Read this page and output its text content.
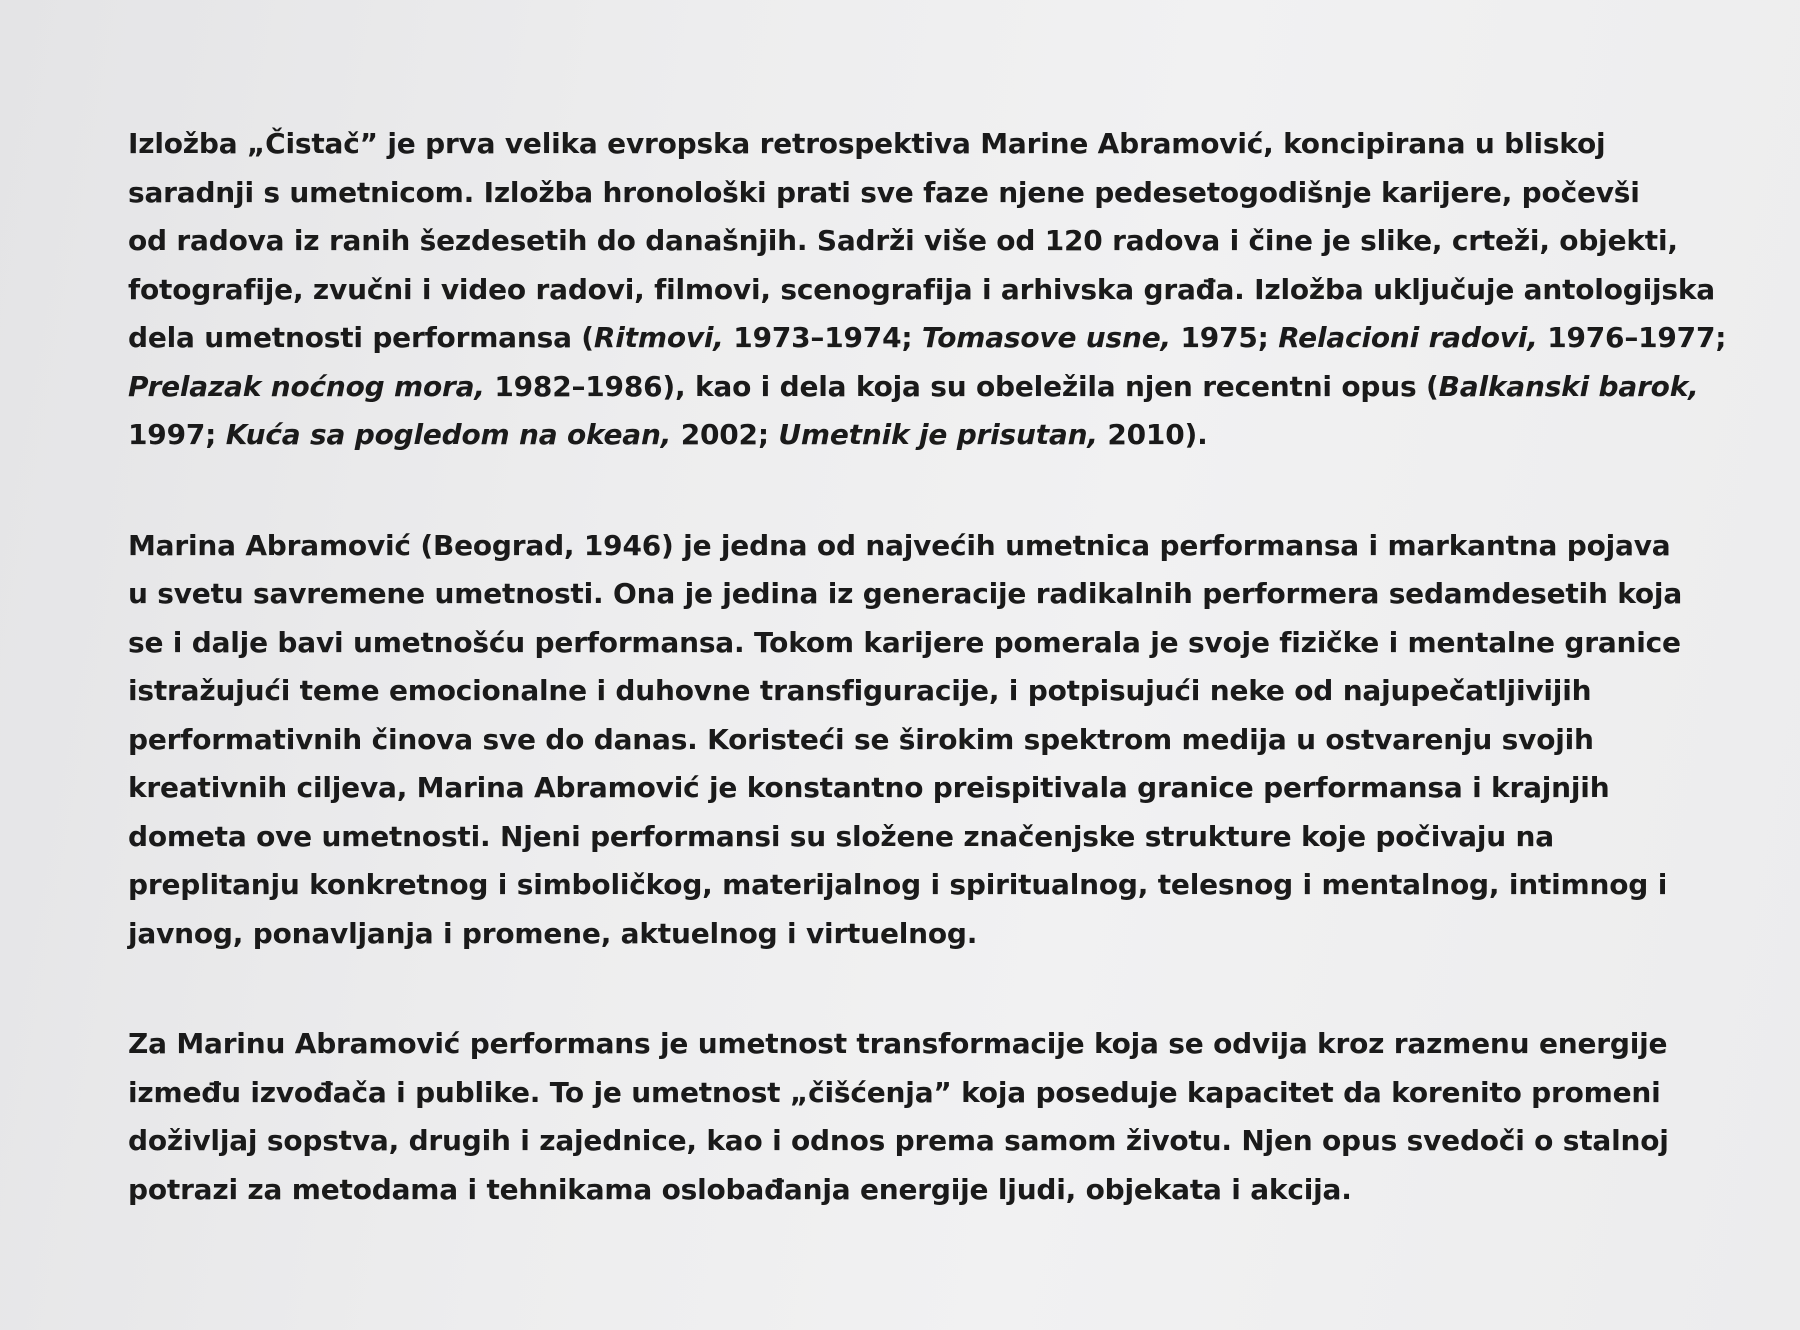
Izložba „Čistač” je prva velika evropska retrospektiva Marine Abramović, koncipirana u bliskoj
saradnji s umetnicom. Izložba hronološki prati sve faze njene pedesetogodišnje karijere, počevši
od radova iz ranih šezdesetih do današnjih. Sadrži više od 120 radova i čine je slike, crteži, objekti,
fotografije, zvučni i video radovi, filmovi, scenografija i arhivska građa. Izložba uključuje antologijska
dela umetnosti performansa (Ritmovi, 1973–1974; Tomasove usne, 1975; Relacioni radovi, 1976–1977;
Prelazak noćnog mora, 1982–1986), kao i dela koja su obeležila njen recentni opus (Balkanski barok,
1997; Kuća sa pogledom na okean, 2002; Umetnik je prisutan, 2010).
Marina Abramović (Beograd, 1946) je jedna od najvećih umetnica performansa i markantna pojava
u svetu savremene umetnosti. Ona je jedina iz generacije radikalnih performera sedamdesetih koja
se i dalje bavi umetnošću performansa. Tokom karijere pomerala je svoje fizičke i mentalne granice
istražujući teme emocionalne i duhovne transfiguracije, i potpisujući neke od najupečatljivijih
performativnih činova sve do danas. Koristeći se širokim spektrom medija u ostvarenju svojih
kreativnih ciljeva, Marina Abramović je konstantno preispitivala granice performansa i krajnjih
dometa ove umetnosti. Njeni performansi su složene značenjske strukture koje počivaju na
preplitanju konkretnog i simboličkog, materijalnog i spiritualnog, telesnog i mentalnog, intimnog i
javnog, ponavljanja i promene, aktuelnog i virtuelnog.
Za Marinu Abramović performans je umetnost transformacije koja se odvija kroz razmenu energije
između izvođača i publike. To je umetnost „čišćenja” koja poseduje kapacitet da korenito promeni
doživljaj sopstva, drugih i zajednice, kao i odnos prema samom životu. Njen opus svedoči o stalnoj
potrazi za metodama i tehnikama oslobađanja energije ljudi, objekata i akcija.
